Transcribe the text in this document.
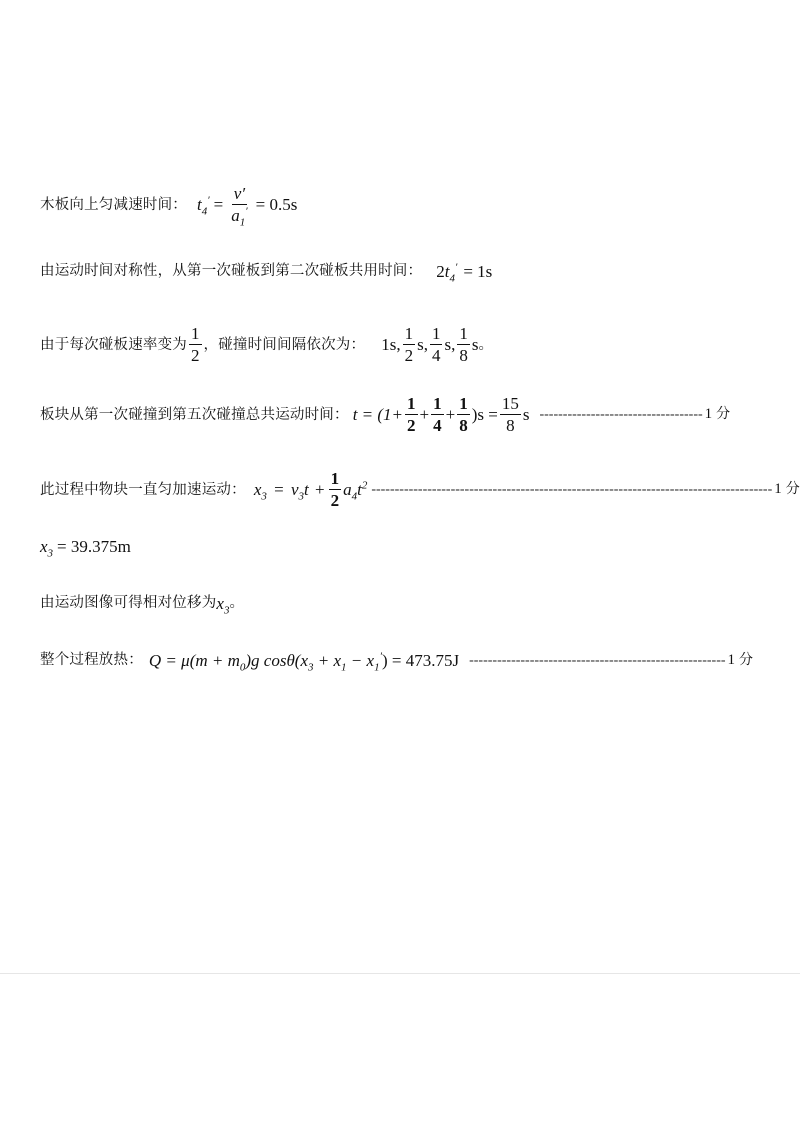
木板向上匀减速时间： $t_4' = \frac{v'}{a_1'} = 0.5s$
由运动时间对称性，从第一次碰板到第二次碰板共用时间： 2 $t_4' = 1s$
由于每次碰板速率变为 $\frac{1}{2}$ ，碰撞时间间隔依次为： 1s, $\frac{1}{2} s$, $\frac{1}{4} s$, $\frac{1}{8}$ s 。
板块从第一次碰撞到第五次碰撞总共运动时间： $t = (1+ \frac{1}{2} + \frac{1}{4} + \frac{1}{8} )s = \frac{15}{8}$ s ----------------------------------- 1 分
此过程中物块一直匀加速运动： $x_3 = v_3t + \frac{1}{2} a_4t^2$ -------------------------------------------------------------------------------------- 1 分
$x_3 = 39.375m$
由运动图像可得相对位移为 $x_3$ 。
整个过程放热： $Q = \mu(m + m_0)g$ $\cos\theta(x_3 + x_1 - x_1') = 473.75J$ ------------------------------------------------------- 1 分
